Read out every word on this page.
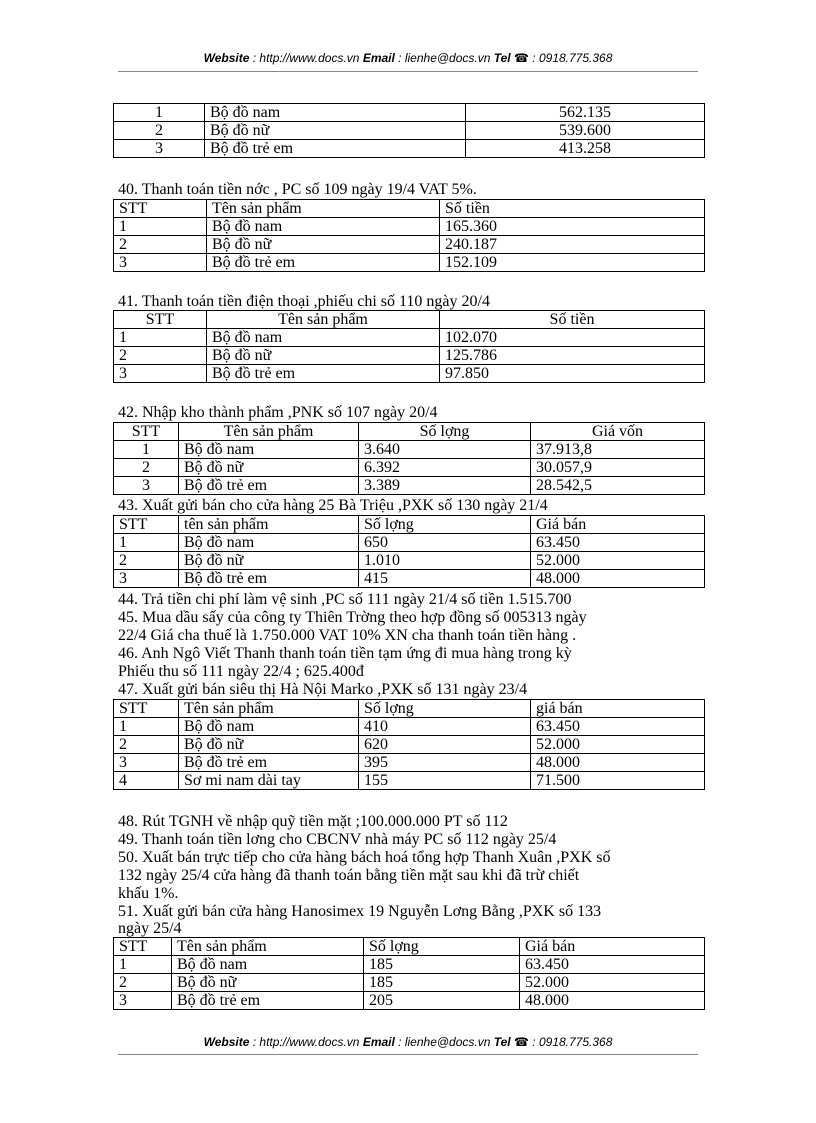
Website : http://www.docs.vn Email : lienhe@docs.vn Tel ☎ : 0918.775.368
1	Bộ đồ nam	562.135
2	Bộ đồ nữ	539.600
3	Bộ đồ trẻ em	413.258
40. Thanh toán tiền nớc , PC số 109 ngày 19/4 VAT 5%.
STT	Tên sản phẩm	Số tiền
1	Bộ đồ nam	165.360
2	Bộ đồ nữ	240.187
3	Bộ đồ trẻ em	152.109
41. Thanh toán tiền điện thoại ,phiếu chi số 110 ngày 20/4
STT	Tên sản phẩm	Số tiền
1	Bộ đồ nam	102.070
2	Bộ đồ nữ	125.786
3	Bộ đồ trẻ em	97.850
42. Nhập kho thành phẩm ,PNK số 107 ngày 20/4
STT	Tên sản phẩm	Số lợng	Giá vốn
1	Bộ đồ nam	3.640	37.913,8
2	Bộ đồ nữ	6.392	30.057,9
3	Bộ đồ trẻ em	3.389	28.542,5
43. Xuất gửi bán cho cửa hàng 25 Bà Triệu ,PXK số 130 ngày 21/4
STT	tên sản phẩm	Số lợng	Giá bán
1	Bộ đồ nam	650	63.450
2	Bộ đồ nữ	1.010	52.000
3	Bộ đồ trẻ em	415	48.000
44. Trả tiền chi phí làm vệ sinh ,PC số 111 ngày 21/4 số tiền 1.515.700
45. Mua dầu sấy của công ty Thiên Trờng theo hợp đồng số 005313 ngày
22/4 Giá cha thuế là 1.750.000 VAT 10% XN cha thanh toán tiền hàng .
46. Anh Ngô Viết Thanh thanh toán tiền tạm ứng đi mua hàng trong kỳ
Phiếu thu số 111 ngày 22/4 ; 625.400đ
47. Xuất gửi bán siêu thị Hà Nội Marko ,PXK số 131 ngày 23/4
STT	Tên sản phẩm	Số lợng	giá bán
1	Bộ đồ nam	410	63.450
2	Bộ đồ nữ	620	52.000
3	Bộ đồ trẻ em	395	48.000
4	Sơ mi nam dài tay	155	71.500
48. Rút TGNH về nhập quỹ tiền mặt ;100.000.000 PT số 112
49. Thanh toán tiền lơng cho CBCNV nhà máy PC số 112 ngày 25/4
50. Xuất bán trực tiếp cho cửa hàng bách hoá tổng hợp Thanh Xuân ,PXK số
132 ngày 25/4 cửa hàng đã thanh toán bằng tiền mặt sau khi đã trừ chiết
khấu 1%.
51. Xuất gửi bán cửa hàng Hanosimex 19 Nguyễn Lơng Bằng ,PXK số 133
ngày 25/4
STT	Tên sản phẩm	Số lợng	Giá bán
1	Bộ đồ nam	185	63.450
2	Bộ đồ nữ	185	52.000
3	Bộ đồ trẻ em	205	48.000
Website : http://www.docs.vn Email : lienhe@docs.vn Tel ☎ : 0918.775.368
